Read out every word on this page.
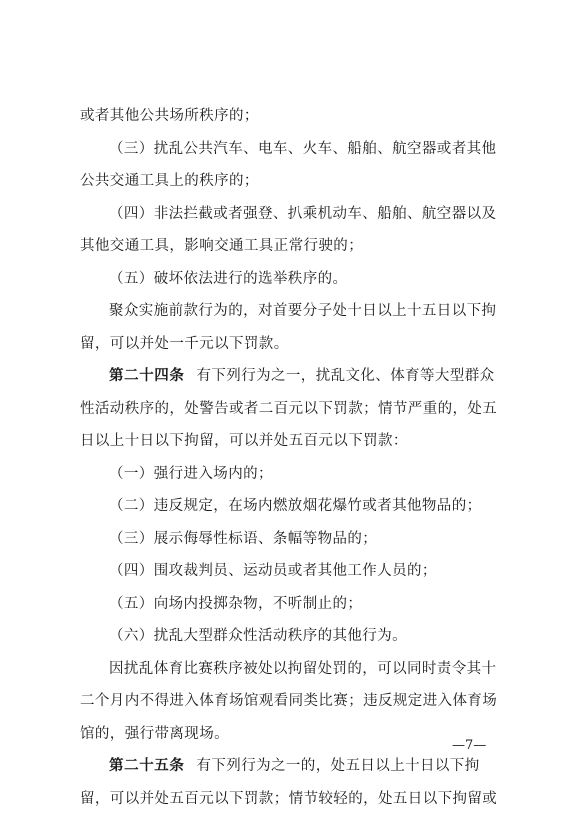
或者其他公共场所秩序的；
（三）扰乱公共汽车、电车、火车、船舶、航空器或者其他
公共交通工具上的秩序的；
（四）非法拦截或者强登、扒乘机动车、船舶、航空器以及
其他交通工具，影响交通工具正常行驶的；
（五）破坏依法进行的选举秩序的。
聚众实施前款行为的，对首要分子处十日以上十五日以下拘
留，可以并处一千元以下罚款。
第二十四条 有下列行为之一，扰乱文化、体育等大型群众
性活动秩序的，处警告或者二百元以下罚款；情节严重的，处五
日以上十日以下拘留，可以并处五百元以下罚款：
（一）强行进入场内的；
（二）违反规定，在场内燃放烟花爆竹或者其他物品的；
（三）展示侮辱性标语、条幅等物品的；
（四）围攻裁判员、运动员或者其他工作人员的；
（五）向场内投掷杂物，不听制止的；
（六）扰乱大型群众性活动秩序的其他行为。
因扰乱体育比赛秩序被处以拘留处罚的，可以同时责令其十
二个月内不得进入体育场馆观看同类比赛；违反规定进入体育场
馆的，强行带离现场。
第二十五条 有下列行为之一的，处五日以上十日以下拘
留，可以并处五百元以下罚款；情节较轻的，处五日以下拘留或
—7—
